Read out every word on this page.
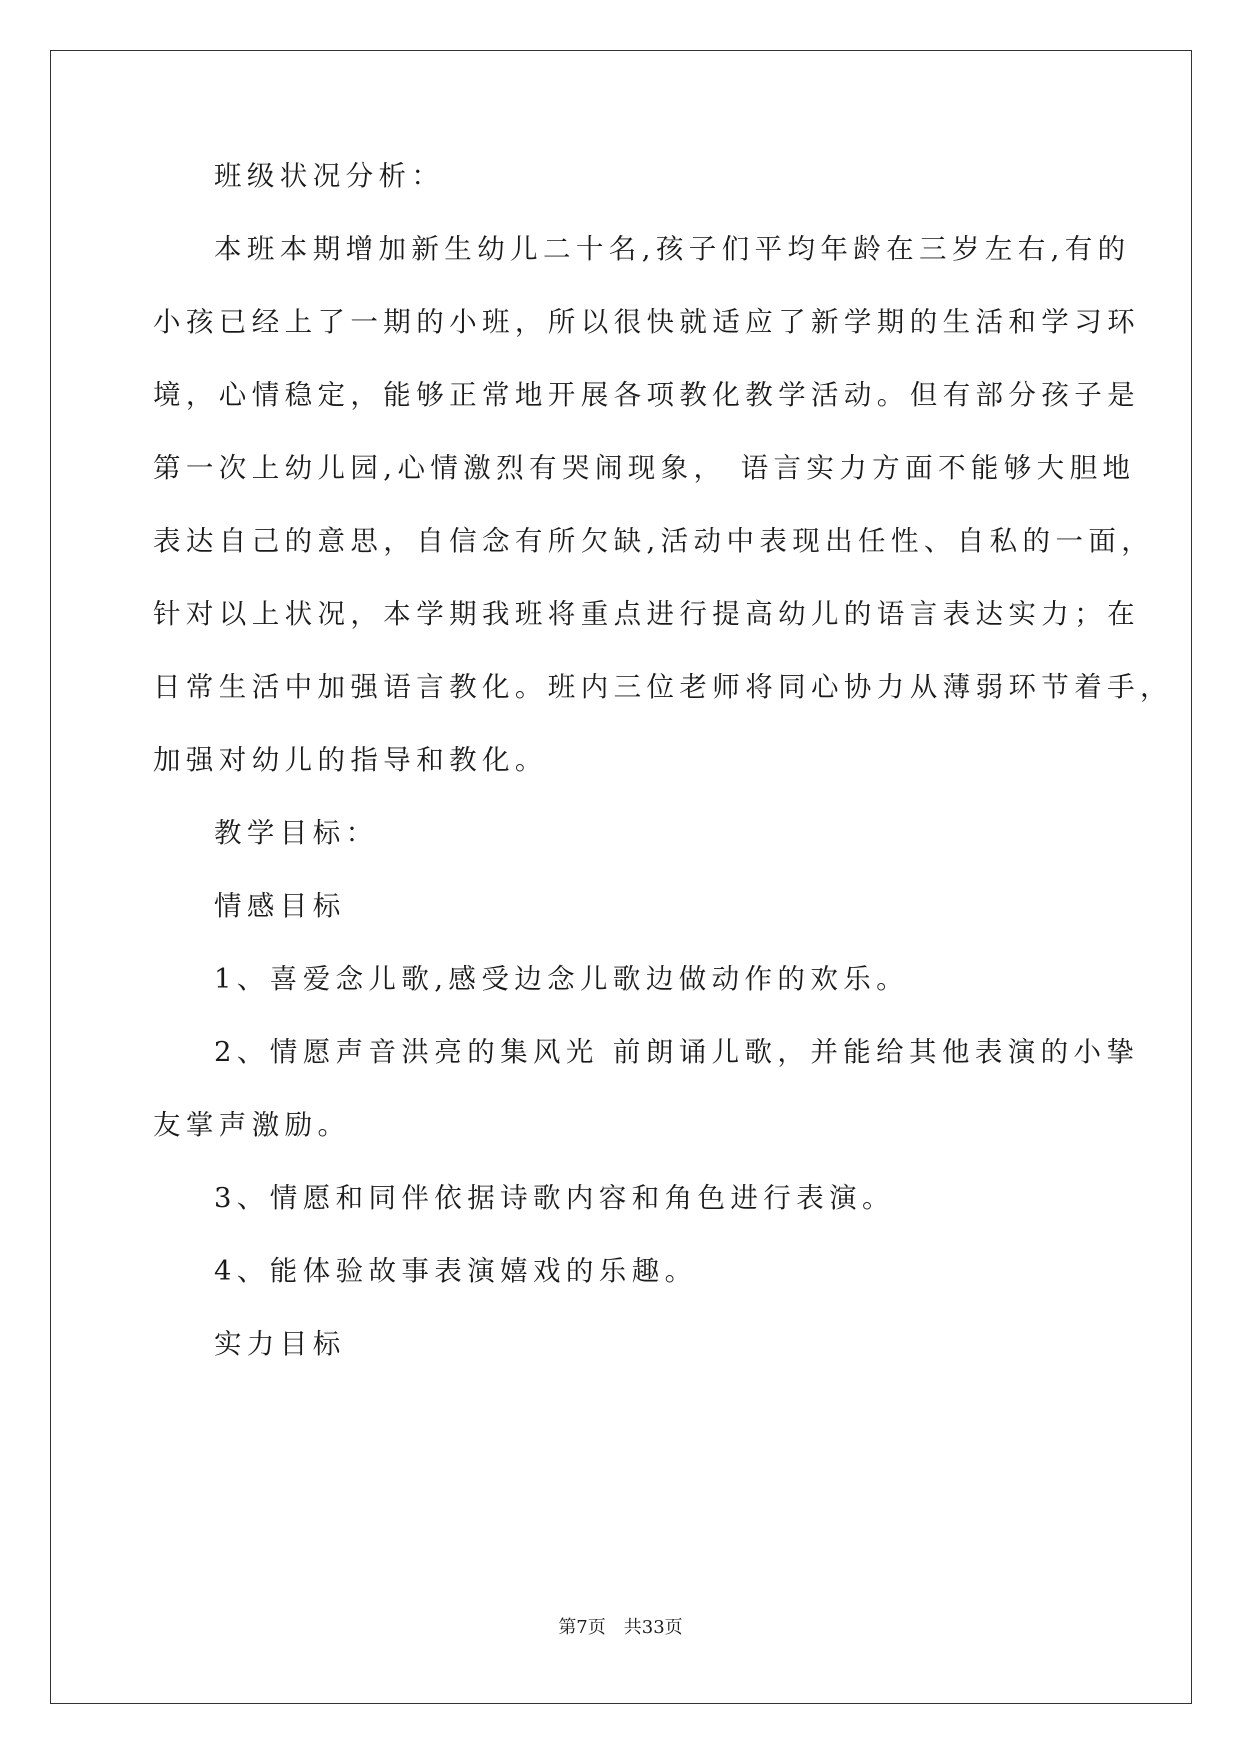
班级状况分析：
本班本期增加新生幼儿二十名,孩子们平均年龄在三岁左右,有的
小孩已经上了一期的小班，所以很快就适应了新学期的生活和学习环
境，心情稳定，能够正常地开展各项教化教学活动。但有部分孩子是
第一次上幼儿园,心情激烈有哭闹现象， 语言实力方面不能够大胆地
表达自己的意思，自信念有所欠缺,活动中表现出任性、自私的一面，
针对以上状况，本学期我班将重点进行提高幼儿的语言表达实力；在
日常生活中加强语言教化。班内三位老师将同心协力从薄弱环节着手，
加强对幼儿的指导和教化。
教学目标：
情感目标
1、喜爱念儿歌,感受边念儿歌边做动作的欢乐。
2、情愿声音洪亮的集风光 前朗诵儿歌，并能给其他表演的小挚
友掌声激励。
3、情愿和同伴依据诗歌内容和角色进行表演。
4、能体验故事表演嬉戏的乐趣。
实力目标
第7页　共33页
